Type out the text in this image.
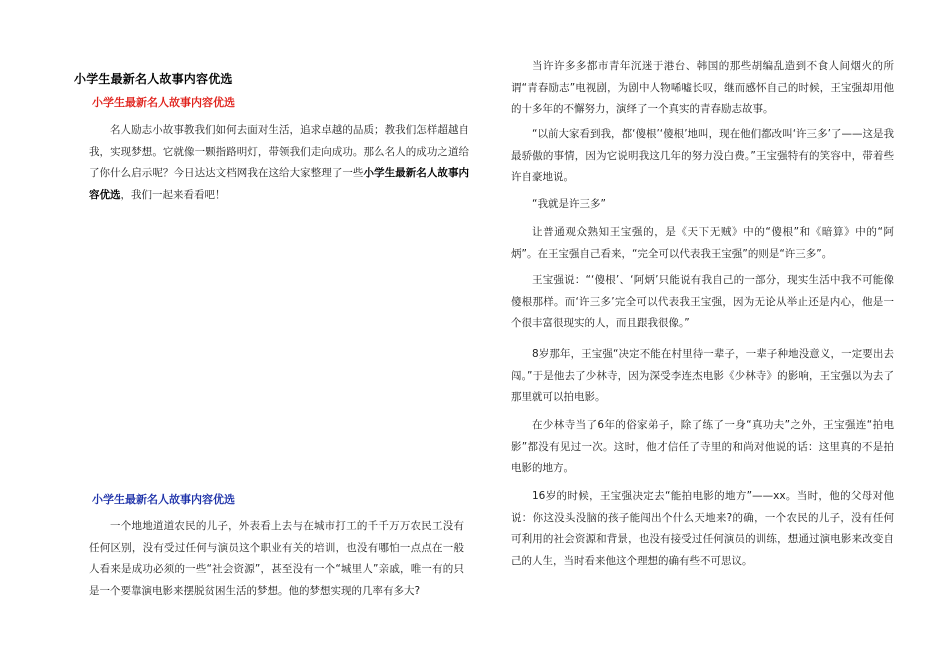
小学生最新名人故事内容优选
小学生最新名人故事内容优选
名人励志小故事教我们如何去面对生活，追求卓越的品质；教我们怎样超越自我，实现梦想。它就像一颗指路明灯，带领我们走向成功。那么名人的成功之道给了你什么启示呢？今日达达文档网我在这给大家整理了一些小学生最新名人故事内容优选，我们一起来看看吧！
小学生最新名人故事内容优选
一个地地道道农民的儿子，外表看上去与在城市打工的千千万万农民工没有任何区别，没有受过任何与演员这个职业有关的培训，也没有哪怕一点点在一般人看来是成功必须的一些“社会资源”，甚至没有一个“城里人”亲戚，唯一有的只是一个要靠演电影来摆脱贫困生活的梦想。他的梦想实现的几率有多大?
当许许多多都市青年沉迷于港台、韩国的那些胡编乱造到不食人间烟火的所谓“青春励志”电视剧，为剧中人物唏嘘长叹，继而感怀自己的时候，王宝强却用他的十多年的不懈努力，演绎了一个真实的青春励志故事。
“以前大家看到我，都‘傻根’‘傻根’地叫，现在他们都改叫‘许三多’了——这是我最骄傲的事情，因为它说明我这几年的努力没白费。”王宝强特有的笑容中，带着些许自豪地说。
“我就是许三多”
让普通观众熟知王宝强的，是《天下无贼》中的“傻根”和《暗算》中的“阿炳”。在王宝强自己看来，“完全可以代表我王宝强”的则是“许三多”。
王宝强说：“‘傻根’、‘阿炳’只能说有我自己的一部分，现实生活中我不可能像傻根那样。而‘许三多’完全可以代表我王宝强，因为无论从举止还是内心，他是一个很丰富很现实的人，而且跟我很像。”
8岁那年，王宝强“决定不能在村里待一辈子，一辈子种地没意义，一定要出去闯。”于是他去了少林寺，因为深受李连杰电影《少林寺》的影响，王宝强以为去了那里就可以拍电影。
在少林寺当了6年的俗家弟子，除了练了一身“真功夫”之外，王宝强连“拍电影”都没有见过一次。这时，他才信任了寺里的和尚对他说的话：这里真的不是拍电影的地方。
16岁的时候，王宝强决定去“能拍电影的地方”——xx。当时，他的父母对他说：你这没头没脑的孩子能闯出个什么天地来?的确，一个农民的儿子，没有任何可利用的社会资源和背景，也没有接受过任何演员的训练，想通过演电影来改变自己的人生，当时看来他这个理想的确有些不可思议。
